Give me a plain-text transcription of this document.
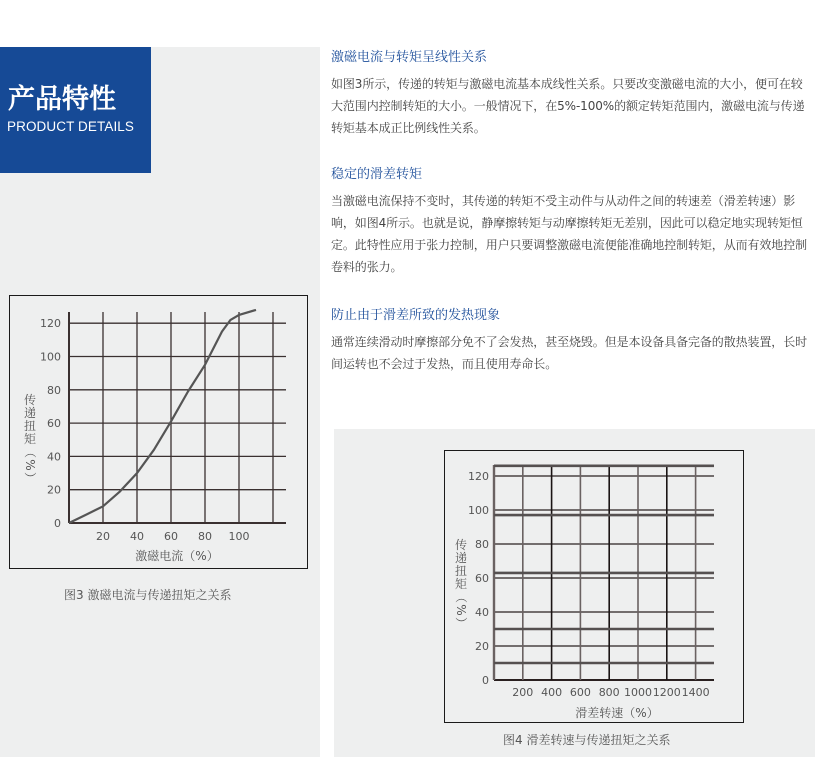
产品特性
PRODUCT DETAILS
激磁电流与转矩呈线性关系

如图3所示，传递的转矩与激磁电流基本成线性关系。只要改变激磁电流的大小，便可在较大范围内控制转矩的大小。一般情况下，在5%-100%的额定转矩范围内，激磁电流与传递转矩基本成正比例线性关系。

稳定的滑差转矩

当激磁电流保持不变时，其传递的转矩不受主动件与从动件之间的转速差（滑差转速）影响，如图4所示。也就是说，静摩擦转矩与动摩擦转矩无差别，因此可以稳定地实现转矩恒定。此特性应用于张力控制，用户只要调整激磁电流便能准确地控制转矩，从而有效地控制卷料的张力。

防止由于滑差所致的发热现象

通常连续滑动时摩擦部分免不了会发热，甚至烧毁。但是本设备具备完备的散热装置，长时间运转也不会过于发热，而且使用寿命长。

0
20
40
60
80
100
120
20 40 60 80 100
激磁电流（%）
传
递
扭
矩
（
%
）
图3 激磁电流与传递扭矩之关系
0
20
40
60
80
100
120
200 400 600 800 1000 1200 1400
滑差转速（%）
传
递
扭
矩
（
%
）
图4 滑差转速与传递扭矩之关系
